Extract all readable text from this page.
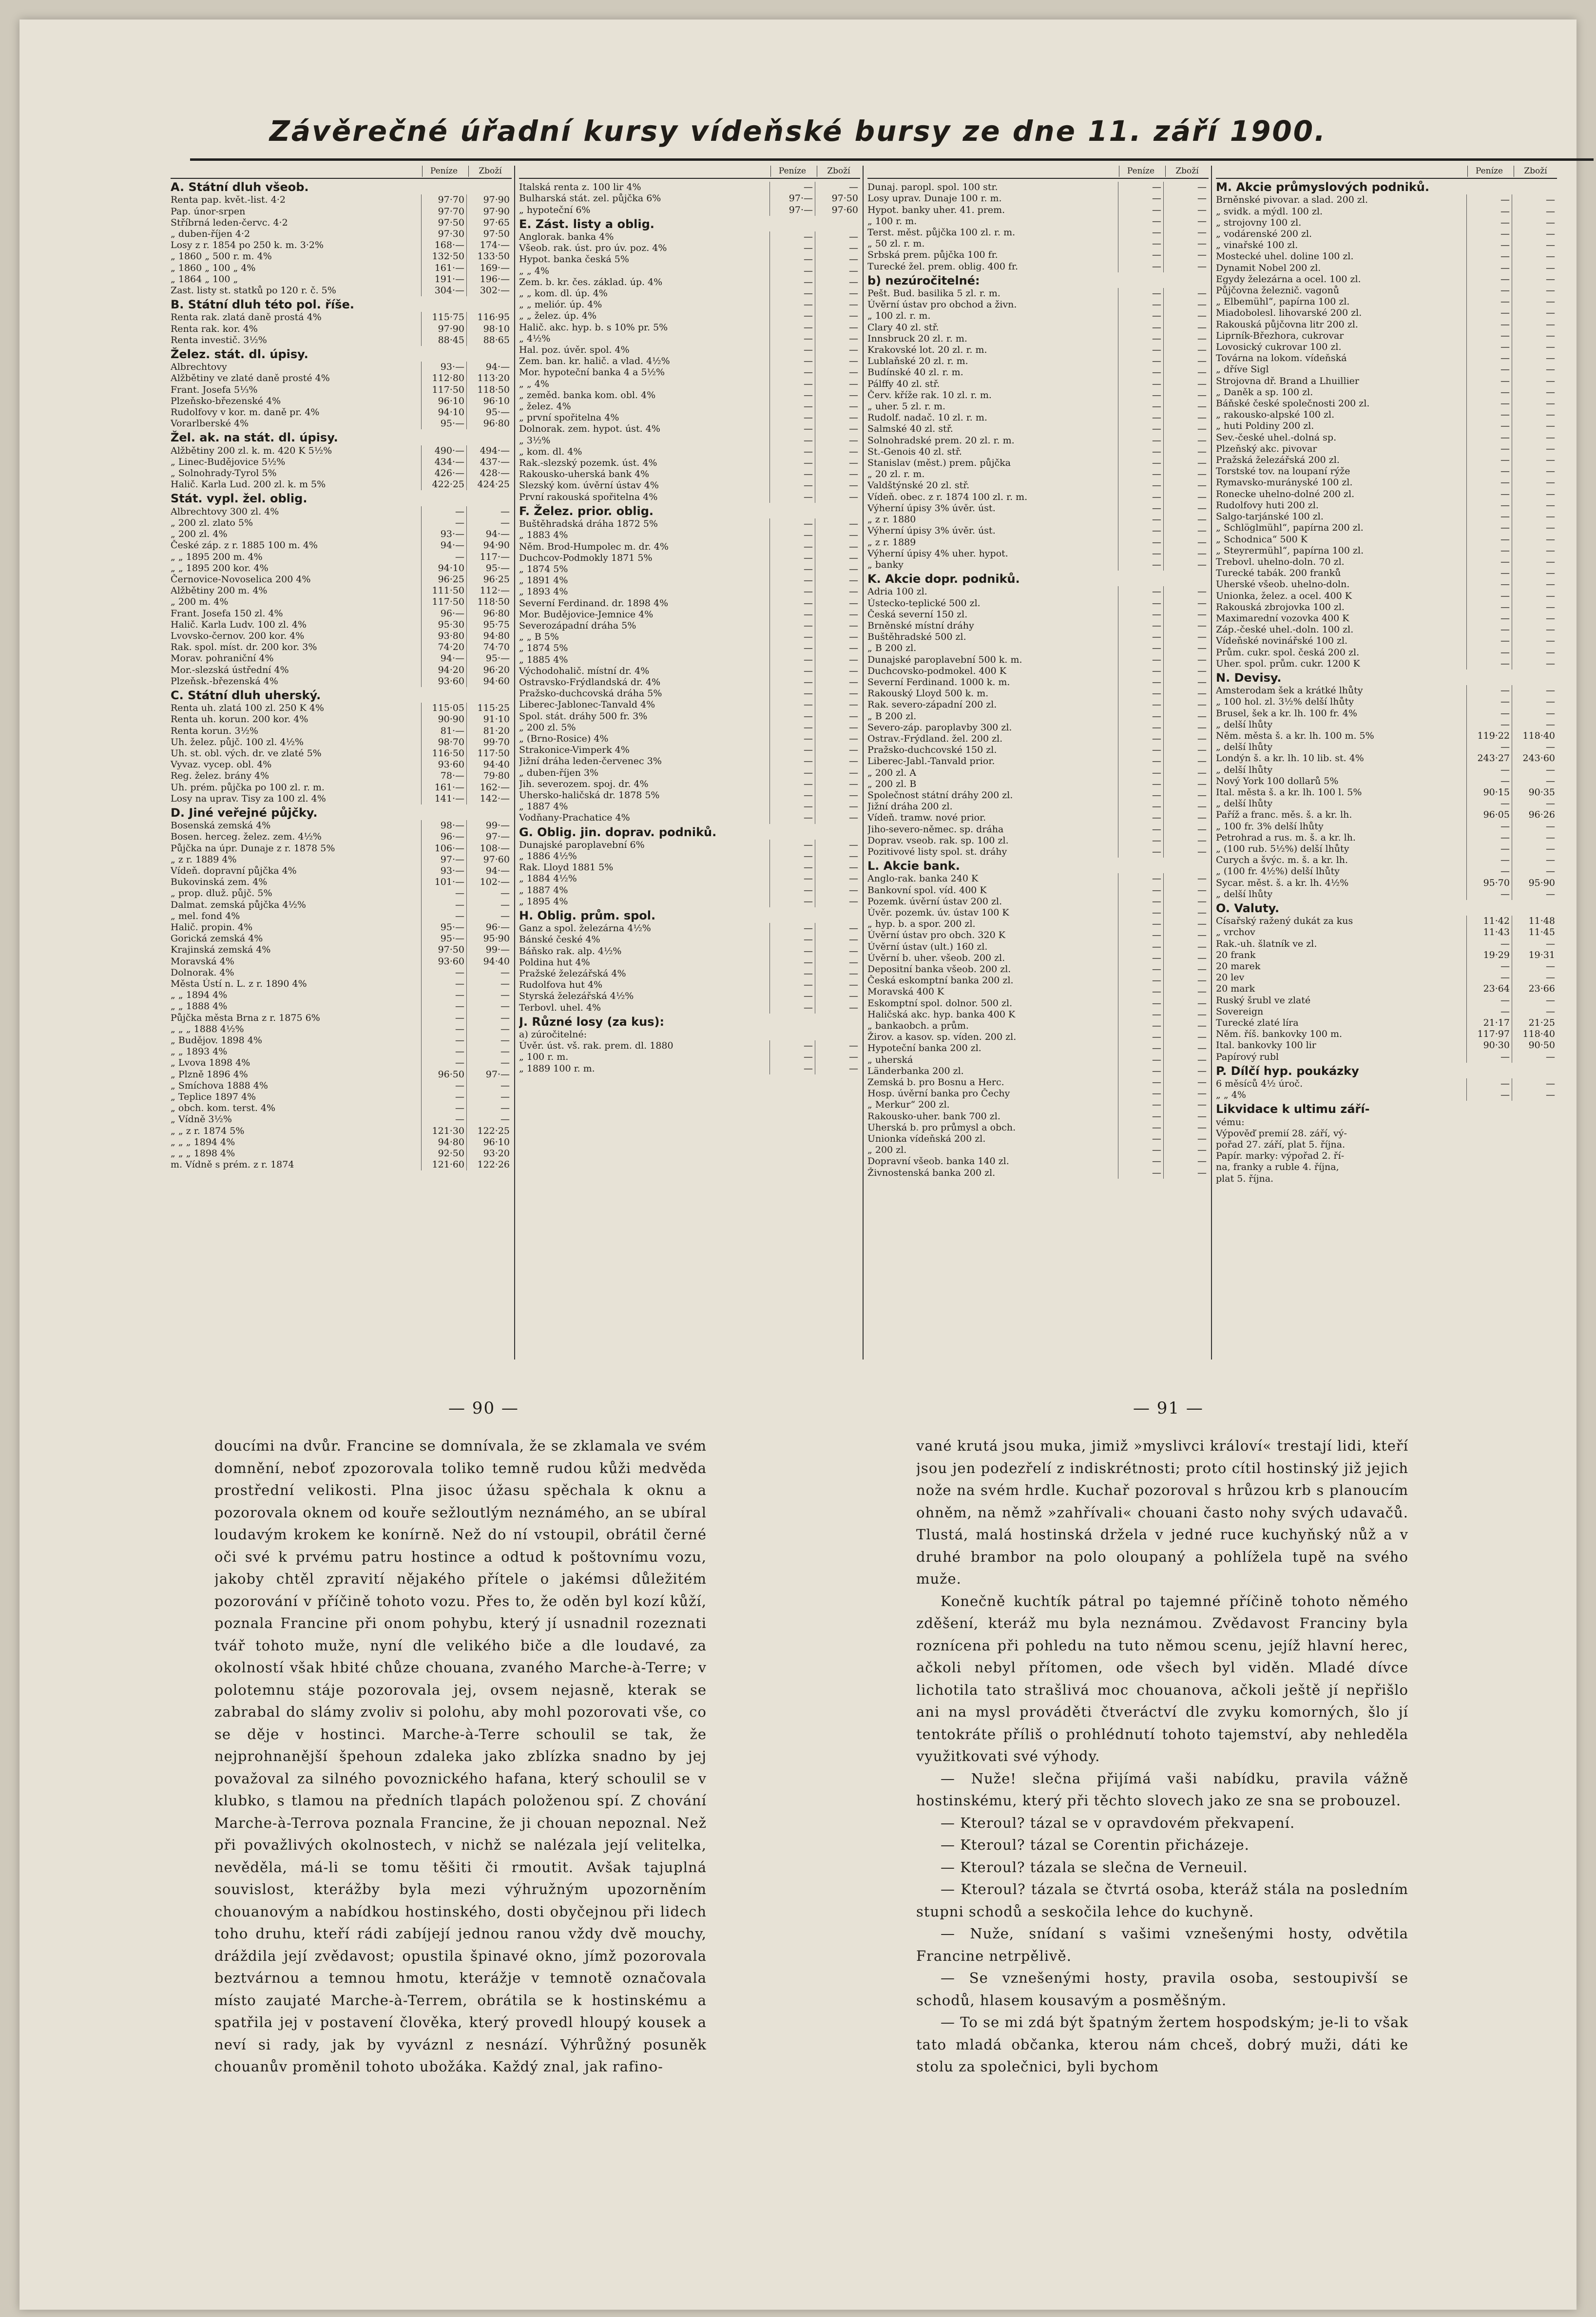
Závěrečné úřadní kursy vídeňské bursy ze dne 11. září 1900.
Peníze	Zboží
A. Státní dluh všeob.
Renta pap. květ.-list. 4·2	97·70	97·90
Pap. únor-srpen	97·70	97·90
Stříbrná leden-červc. 4·2	97·50	97·65
„ duben-říjen 4·2	97·30	97·50
Losy z r. 1854 po 250 k. m. 3·2%	168·—	174·—
„ 1860 „ 500 r. m. 4%	132·50	133·50
„ 1860 „ 100 „ 4%	161·—	169·—
„ 1864 „ 100 „	191·—	196·—
Zast. listy st. statků po 120 r. č. 5%	304·—	302·—
B. Státní dluh této pol. říše.
Renta rak. zlatá daně prostá 4%	115·75	116·95
Renta rak. kor. 4%	97·90	98·10
Renta investič. 3½%	88·45	88·65
Želez. stát. dl. úpisy.
Albrechtovy	93·—	94·—
Alžbětiny ve zlaté daně prosté 4%	112·80	113·20
Frant. Josefa 5⅓%	117·50	118·50
Plzeňsko-březenské 4%	96·10	96·10
Rudolfovy v kor. m. daně pr. 4%	94·10	95·—
Vorarlberské 4%	95·—	96·80
Žel. ak. na stát. dl. úpisy.
Alžbětiny 200 zl. k. m. 420 K 5½%	490·—	494·—
„ Linec-Budějovice 5½%	434·—	437·—
„ Solnohrady-Tyrol 5%	426·—	428·—
Halič. Karla Lud. 200 zl. k. m 5%	422·25	424·25
Stát. vypl. žel. oblig.
Albrechtovy 300 zl. 4%	—	—
„ 200 zl. zlato 5%	—	—
„ 200 zl. 4%	93·—	94·—
České záp. z r. 1885 100 m. 4%	94·—	94·90
„ „ 1895 200 m. 4%	—	117·—
„ „ 1895 200 kor. 4%	94·10	95·—
Černovice-Novoselica 200 4%	96·25	96·25
Alžbětiny 200 m. 4%	111·50	112·—
„ 200 m. 4%	117·50	118·50
Frant. Josefa 150 zl. 4%	96·—	96·80
Halič. Karla Ludv. 100 zl. 4%	95·30	95·75
Lvovsko-černov. 200 kor. 4%	93·80	94·80
Rak. spol. míst. dr. 200 kor. 3%	74·20	74·70
Morav. pohraniční 4%	94·—	95·—
Mor.-slezská ústřední 4%	94·20	96·20
Plzeňsk.-březenská 4%	93·60	94·60
C. Státní dluh uherský.
Renta uh. zlatá 100 zl. 250 K 4%	115·05	115·25
Renta uh. korun. 200 kor. 4%	90·90	91·10
Renta korun. 3½%	81·—	81·20
Uh. želez. půjč. 100 zl. 4½%	98·70	99·70
Uh. st. obl. vých. dr. ve zlaté 5%	116·50	117·50
Vyvaz. vycep. obl. 4%	93·60	94·40
Reg. želez. brány 4%	78·—	79·80
Uh. prém. půjčka po 100 zl. r. m.	161·—	162·—
Losy na uprav. Tisy za 100 zl. 4%	141·—	142·—
D. Jiné veřejné půjčky.
Bosenská zemská 4%	98·—	99·—
Bosen. herceg. želez. zem. 4½%	96·—	97·—
Půjčka na úpr. Dunaje z r. 1878 5%	106·—	108·—
„ z r. 1889 4%	97·—	97·60
Vídeň. dopravní půjčka 4%	93·—	94·—
Bukovinská zem. 4%	101·—	102·—
„ prop. dluž. půjč. 5%	—	—
Dalmat. zemská půjčka 4½%	—	—
„ mel. fond 4%	—	—
Halič. propin. 4%	95·—	96·—
Gorická zemská 4%	95·—	95·90
Krajinská zemská 4%	97·50	99·—
Moravská 4%	93·60	94·40
Dolnorak. 4%	—	—
Města Ústí n. L. z r. 1890 4%	—	—
„ „ 1894 4%	—	—
„ „ 1888 4%	—	—
Půjčka města Brna z r. 1875 6%	—	—
„ „ „ 1888 4½%	—	—
„ Budějov. 1898 4%	—	—
„ „ 1893 4%	—	—
„ Lvova 1898 4%	—	—
„ Plzně 1896 4%	96·50	97·—
„ Smíchova 1888 4%	—	—
„ Teplice 1897 4%	—	—
„ obch. kom. terst. 4%	—	—
„ Vídně 3½%	—	—
„ „ z r. 1874 5%	121·30	122·25
„ „ „ 1894 4%	94·80	96·10
„ „ „ 1898 4%	92·50	93·20
m. Vídně s prém. z r. 1874	121·60	122·26
Peníze	Zboží
Italská renta z. 100 lir 4%	—	—
Bulharská stát. zel. půjčka 6%	97·—	97·50
„ hypoteční 6%	97·—	97·60
E. Zást. listy a oblig.
Anglorak. banka 4%	—	—
Všeob. rak. úst. pro úv. poz. 4%	—	—
Hypot. banka česká 5%	—	—
„ „ 4%	—	—
Zem. b. kr. čes. základ. úp. 4%	—	—
„ „ kom. dl. úp. 4%	—	—
„ „ meliór. úp. 4%	—	—
„ „ želez. úp. 4%	—	—
Halič. akc. hyp. b. s 10% pr. 5%	—	—
„ 4½%	—	—
Hal. poz. úvěr. spol. 4%	—	—
Zem. ban. kr. halič. a vlad. 4½%	—	—
Mor. hypoteční banka 4 a 5½%	—	—
„ „ 4%	—	—
„ zeměd. banka kom. obl. 4%	—	—
„ želez. 4%	—	—
„ první spořitelna 4%	—	—
Dolnorak. zem. hypot. úst. 4%	—	—
„ 3½%	—	—
„ kom. dl. 4%	—	—
Rak.-slezský pozemk. úst. 4%	—	—
Rakousko-uherská bank 4%	—	—
Slezský kom. úvěrní ústav 4%	—	—
První rakouská spořitelna 4%	—	—
F. Želez. prior. oblig.
Buštěhradská dráha 1872 5%	—	—
„ 1883 4%	—	—
Něm. Brod-Humpolec m. dr. 4%	—	—
Duchcov-Podmokly 1871 5%	—	—
„ 1874 5%	—	—
„ 1891 4%	—	—
„ 1893 4%	—	—
Severní Ferdinand. dr. 1898 4%	—	—
Mor. Budějovice-Jemnice 4%	—	—
Severozápadní dráha 5%	—	—
„ „ B 5%	—	—
„ 1874 5%	—	—
„ 1885 4%	—	—
Východohalič. místní dr. 4%	—	—
Ostravsko-Frýdlandská dr. 4%	—	—
Pražsko-duchcovská dráha 5%	—	—
Liberec-Jablonec-Tanvald 4%	—	—
Spol. stát. dráhy 500 fr. 3%	—	—
„ 200 zl. 5%	—	—
„ (Brno-Rosice) 4%	—	—
Strakonice-Vimperk 4%	—	—
Jižní dráha leden-červenec 3%	—	—
„ duben-říjen 3%	—	—
Jih. severozem. spoj. dr. 4%	—	—
Uhersko-haličská dr. 1878 5%	—	—
„ 1887 4%	—	—
Vodňany-Prachatice 4%	—	—
G. Oblig. jin. doprav. podniků.
Dunajské paroplavební 6%	—	—
„ 1886 4½%	—	—
Rak. Lloyd 1881 5%	—	—
„ 1884 4½%	—	—
„ 1887 4%	—	—
„ 1895 4%	—	—
H. Oblig. prům. spol.
Ganz a spol. železárna 4½%	—	—
Bánské české 4%	—	—
Báňsko rak. alp. 4½%	—	—
Poldina hut 4%	—	—
Pražské železářská 4%	—	—
Rudolfova hut 4%	—	—
Styrská železářská 4½%	—	—
Terbovl. uhel. 4%	—	—
J. Různé losy (za kus):
a) zúročitelné:
Úvěr. úst. vš. rak. prem. dl. 1880	—	—
„ 100 r. m.	—	—
„ 1889 100 r. m.	—	—
Peníze	Zboží
Dunaj. paropl. spol. 100 str.	—	—
Losy uprav. Dunaje 100 r. m.	—	—
Hypot. banky uher. 41. prem.	—	—
„ 100 r. m.	—	—
Terst. měst. půjčka 100 zl. r. m.	—	—
„ 50 zl. r. m.	—	—
Srbská prem. půjčka 100 fr.	—	—
Turecké žel. prem. oblig. 400 fr.	—	—
b) nezúročitelné:
Pešt. Bud. basilika 5 zl. r. m.	—	—
Úvěrní ústav pro obchod a živn.	—	—
„ 100 zl. r. m.	—	—
Clary 40 zl. stř.	—	—
Innsbruck 20 zl. r. m.	—	—
Krakovské lot. 20 zl. r. m.	—	—
Lublaňské 20 zl. r. m.	—	—
Budínské 40 zl. r. m.	—	—
Pálffy 40 zl. stř.	—	—
Červ. kříže rak. 10 zl. r. m.	—	—
„ uher. 5 zl. r. m.	—	—
Rudolf. nadač. 10 zl. r. m.	—	—
Salmské 40 zl. stř.	—	—
Solnohradské prem. 20 zl. r. m.	—	—
St.-Genois 40 zl. stř.	—	—
Stanislav (měst.) prem. půjčka	—	—
„ 20 zl. r. m.	—	—
Valdštýnské 20 zl. stř.	—	—
Vídeň. obec. z r. 1874 100 zl. r. m.	—	—
Výherní úpisy 3% úvěr. úst.	—	—
„ z r. 1880	—	—
Výherní úpisy 3% úvěr. úst.	—	—
„ z r. 1889	—	—
Výherní úpisy 4% uher. hypot.	—	—
„ banky	—	—
K. Akcie dopr. podniků.
Adria 100 zl.	—	—
Ústecko-teplické 500 zl.	—	—
Česká severní 150 zl.	—	—
Brněnské místní dráhy	—	—
Buštěhradské 500 zl.	—	—
„ B 200 zl.	—	—
Dunajské paroplavební 500 k. m.	—	—
Duchcovsko-podmokel. 400 K	—	—
Severní Ferdinand. 1000 k. m.	—	—
Rakouský Lloyd 500 k. m.	—	—
Rak. severo-západní 200 zl.	—	—
„ B 200 zl.	—	—
Severo-záp. paroplavby 300 zl.	—	—
Ostrav.-Frýdland. žel. 200 zl.	—	—
Pražsko-duchcovské 150 zl.	—	—
Liberec-Jabl.-Tanvald prior.	—	—
„ 200 zl. A	—	—
„ 200 zl. B	—	—
Společnost státní dráhy 200 zl.	—	—
Jižní dráha 200 zl.	—	—
Vídeň. tramw. nové prior.	—	—
Jiho-severo-němec. sp. dráha	—	—
Doprav. vseob. rak. sp. 100 zl.	—	—
Pozitivové listy spol. st. dráhy	—	—
L. Akcie bank.
Anglo-rak. banka 240 K	—	—
Bankovní spol. víd. 400 K	—	—
Pozemk. úvěrní ústav 200 zl.	—	—
Úvěr. pozemk. úv. ústav 100 K	—	—
„ hyp. b. a spor. 200 zl.	—	—
Úvěrní ústav pro obch. 320 K	—	—
Úvěrní ústav (ult.) 160 zl.	—	—
Úvěrní b. uher. všeob. 200 zl.	—	—
Depositní banka všeob. 200 zl.	—	—
Česká eskomptní banka 200 zl.	—	—
Moravská 400 K	—	—
Eskomptní spol. dolnor. 500 zl.	—	—
Haličská akc. hyp. banka 400 K	—	—
„ bankaobch. a prům.	—	—
Žirov. a kasov. sp. víden. 200 zl.	—	—
Hypoteční banka 200 zl.	—	—
„ uherská	—	—
Länderbanka 200 zl.	—	—
Zemská b. pro Bosnu a Herc.	—	—
Hosp. úvěrní banka pro Čechy	—	—
„ Merkur“ 200 zl.	—	—
Rakousko-uher. bank 700 zl.	—	—
Uherská b. pro průmysl a obch.	—	—
Unionka vídeňská 200 zl.	—	—
„ 200 zl.	—	—
Dopravní všeob. banka 140 zl.	—	—
Živnostenská banka 200 zl.	—	—
Peníze	Zboží
M. Akcie průmyslových podniků.
Brněnské pivovar. a slad. 200 zl.	—	—
„ svidk. a mýdl. 100 zl.	—	—
„ strojovny 100 zl.	—	—
„ vodárenské 200 zl.	—	—
„ vinařské 100 zl.	—	—
Mostecké uhel. doline 100 zl.	—	—
Dynamit Nobel 200 zl.	—	—
Egydy železárna a ocel. 100 zl.	—	—
Půjčovna železnič. vagonů	—	—
„ Elbemühl“, papírna 100 zl.	—	—
Miadobolesl. lihovarské 200 zl.	—	—
Rakouská půjčovna litr 200 zl.	—	—
Liprník-Březhora, cukrovar	—	—
Lovosický cukrovar 100 zl.	—	—
Továrna na lokom. vídeňská	—	—
„ dříve Sigl	—	—
Strojovna dř. Brand a Lhuillier	—	—
„ Daněk a sp. 100 zl.	—	—
Báňské české společnosti 200 zl.	—	—
„ rakousko-alpské 100 zl.	—	—
„ huti Poldiny 200 zl.	—	—
Sev.-české uhel.-dolná sp.	—	—
Plzeňský akc. pivovar	—	—
Pražská železářská 200 zl.	—	—
Torstské tov. na loupaní rýže	—	—
Rymavsko-murányské 100 zl.	—	—
Ronecke uhelno-dolné 200 zl.	—	—
Rudolfovy huti 200 zl.	—	—
Salgo-tarjánské 100 zl.	—	—
„ Schlöglmühl“, papírna 200 zl.	—	—
„ Schodnica“ 500 K	—	—
„ Steyrermühl“, papírna 100 zl.	—	—
Trebovl. uhelno-doln. 70 zl.	—	—
Turecké tabák. 200 franků	—	—
Uherské všeob. uhelno-doln.	—	—
Unionka, želez. a ocel. 400 K	—	—
Rakouská zbrojovka 100 zl.	—	—
Maximarední vozovka 400 K	—	—
Záp.-české uhel.-doln. 100 zl.	—	—
Vídeňské novinářské 100 zl.	—	—
Prům. cukr. spol. česká 200 zl.	—	—
Uher. spol. prům. cukr. 1200 K	—	—
N. Devisy.
Amsterodam šek a krátké lhůty	—	—
„ 100 hol. zl. 3½% delší lhůty	—	—
Brusel, šek a kr. lh. 100 fr. 4%	—	—
„ delší lhůty	—	—
Něm. města š. a kr. lh. 100 m. 5%	119·22	118·40
„ delší lhůty	—	—
Londýn š. a kr. lh. 10 lib. st. 4%	243·27	243·60
„ delší lhůty	—	—
Nový York 100 dollarů 5%	—	—
Ital. města š. a kr. lh. 100 l. 5%	90·15	90·35
„ delší lhůty	—	—
Paříž a franc. měs. š. a kr. lh.	96·05	96·26
„ 100 fr. 3% delší lhůty	—	—
Petrohrad a rus. m. š. a kr. lh.	—	—
„ (100 rub. 5½%) delší lhůty	—	—
Curych a švýc. m. š. a kr. lh.	—	—
„ (100 fr. 4½%) delší lhůty	—	—
Sycar. měst. š. a kr. lh. 4½%	95·70	95·90
„ delší lhůty	—	—
O. Valuty.
Císařský ražený dukát za kus	11·42	11·48
„ vrchov	11·43	11·45
Rak.-uh. šlatník ve zl.	—	—
20 frank	19·29	19·31
20 marek	—	—
20 lev	—	—
20 mark	23·64	23·66
Ruský šrubl ve zlaté	—	—
Sovereign	—	—
Turecké zlaté líra	21·17	21·25
Něm. říš. bankovky 100 m.	117·97	118·40
Ital. bankovky 100 lir	90·30	90·50
Papírový rubl	—	—
P. Dílčí hyp. poukázky
6 měsíců 4½ úroč.	—	—
„ „ 4%	—	—
Likvidace k ultimu září-
vému:
Výpověď premií 28. září, vý-
pořad 27. září, plat 5. října.
Papír. marky: výpořad 2. ří-
na, franky a ruble 4. října,
plat 5. října.
— 90 —	— 91 —

doucími na dvůr. Francine se domnívala, že se zklamala ve svém domnění, neboť zpozorovala toliko temně rudou kůži medvěda prostřední velikosti. Plna jisoc úžasu spěchala k oknu a pozorovala oknem od kouře sežloutlým neznámého, an se ubíral loudavým krokem ke konírně. Než do ní vstoupil, obrátil černé oči své k prvému patru hostince a odtud k poštovnímu vozu, jakoby chtěl zpravití nějakého přítele o jakémsi důležitém pozorování v příčině tohoto vozu. Přes to, že oděn byl kozí kůží, poznala Francine při onom pohybu, který jí usnadnil rozeznati tvář tohoto muže, nyní dle velikého biče a dle loudavé, za okolností však hbité chůze chouana, zvaného Marche-à-Terre; v polotemnu stáje pozorovala jej, ovsem nejasně, kterak se zabrabal do slámy zvoliv si polohu, aby mohl pozorovati vše, co se děje v hostinci. Marche-à-Terre schoulil se tak, že nejprohnanější špehoun zdaleka jako zblízka snadno by jej považoval za silného povoznického hafana, který schoulil se v klubko, s tlamou na předních tlapách položenou spí. Z chování Marche-à-Terrova poznala Francine, že ji chouan nepoznal. Než při považlivých okolnostech, v nichž se nalézala její velitelka, nevěděla, má-li se tomu těšiti či rmoutit. Avšak tajuplná souvislost, kterážby byla mezi výhružným upozorněním chouanovým a nabídkou hostinského, dosti obyčejnou při lidech toho druhu, kteří rádi zabíjejí jednou ranou vždy dvě mouchy, dráždila její zvědavost; opustila špinavé okno, jímž pozorovala beztvárnou a temnou hmotu, kterážje v temnotě označovala místo zaujaté Marche-à-Terrem, obrátila se k hostinskému a spatřila jej v postavení člověka, který provedl hloupý kousek a neví si rady, jak by vyváznl z nesnází. Výhrůžný posuněk chouanův proměnil tohoto ubožáka. Každý znal, jak rafino-

vané krutá jsou muka, jimiž »myslivci královí« trestají lidi, kteří jsou jen podezřelí z indiskrétnosti; proto cítil hostinský již jejich nože na svém hrdle. Kuchař pozoroval s hrůzou krb s planoucím ohněm, na němž »zahřívali« chouani často nohy svých udavačů. Tlustá, malá hostinská držela v jedné ruce kuchyňský nůž a v druhé brambor na polo oloupaný a pohlížela tupě na svého muže.

Konečně kuchtík pátral po tajemné příčině tohoto němého zděšení, kteráž mu byla neznámou. Zvědavost Franciny byla roznícena při pohledu na tuto němou scenu, jejíž hlavní herec, ačkoli nebyl přítomen, ode všech byl viděn. Mladé dívce lichotila tato strašlivá moc chouanova, ačkoli ještě jí nepřišlo ani na mysl prováděti čtveráctví dle zvyku komorných, šlo jí tentokráte příliš o prohlédnutí tohoto tajemství, aby nehleděla využitkovati své výhody.

— Nuže! slečna přijímá vaši nabídku, pravila vážně hostinskému, který při těchto slovech jako ze sna se probouzel.

— Kteroul? tázal se v opravdovém překvapení.

— Kteroul? tázal se Corentin přicházeje.

— Kteroul? tázala se slečna de Verneuil.

— Kteroul? tázala se čtvrtá osoba, kteráž stála na posledním stupni schodů a seskočila lehce do kuchyně.

— Nuže, snídaní s vašimi vznešenými hosty, odvětila Francine netrpělivě.

— Se vznešenými hosty, pravila osoba, sestoupivší se schodů, hlasem kousavým a posměšným.

— To se mi zdá být špatným žertem hospodským; je-li to však tato mladá občanka, kterou nám chceš, dobrý muži, dáti ke stolu za společnici, byli bychom
